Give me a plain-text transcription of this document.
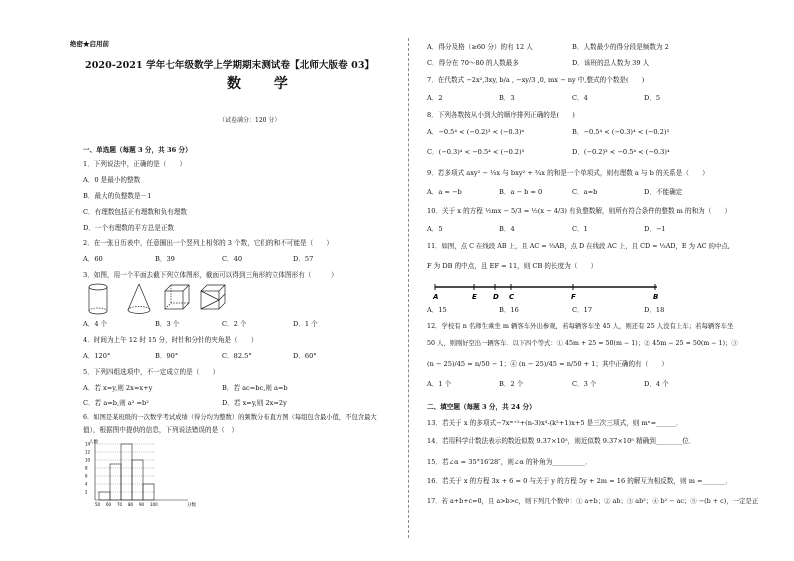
绝密★启用前
2020-2021 学年七年级数学上学期期末测试卷【北师大版卷 03】
数 学
（试卷满分：120 分）
一、单选题（每题 3 分，共 36 分）
1．下列说法中，正确的是（　　）
A．0 是最小的整数
B．最大的负整数是－1
C．有理数包括正有理数和负有理数
D．一个有理数的平方总是正数
2．在一张日历表中，任意圈出一个竖列上相邻的 3 个数，它们的和不可能是（　　）
A．60	B．39	C．40	D．57
3．如图，用一个平面去截下列立体图形，截面可以得到三角形的立体图形有（　　　）
A．4 个	B．3 个	C．2 个	D．1 个
4．时间为上午 12 时 15 分，时针和分针的夹角是（　　）
A．120°	B．90°	C．82.5°	D．60°
5．下列四组选项中，不一定成立的是（　　）
A．若 x=y,则 2x=x+y	B．若 ac=bc,则 a=b
C．若 a=b,则 a² =b²	D．若 x=y,则 2x=2y
6．如图是某班级的一次数学考试成绩（得分均为整数）的频数分布直方图（每组包含最小值，不包含最大
值），根据图中提供的信息，下列说法错误的是（　）
人数
14
12
10
8
6
4
2
50 60 70 80 90 100	分数
A．得分及格（≥60 分）的有 12 人	B．人数最少的得分段是频数为 2
C．得分在 70～80 的人数最多	D．该班的总人数为 39 人
7．在代数式 −2x²,3xy, b/a , −xy/3 ,0, mx − ny 中,整式的个数是(　　)
A．2	B．3	C．4	D．5
8．下列各数按从小到大的顺序排列正确的是(　　)
A．−0.5⁴ < (−0.2)³ < (−0.3)⁴	B．−0.5⁴ < (−0.3)⁴ < (−0.2)³
C．(−0.3)⁴ < −0.5⁴ < (−0.2)³	D．(−0.2)³ < −0.5⁴ < (−0.3)⁴
9．若多项式 axy² − ⅓x 与 bxy² + ¾x 的和是一个单项式，则有理数 a 与 b 的关系是（　　）
A．a = −b	B．a − b = 0	C．a=b	D．不能确定
10．关于 x 的方程 ½mx − 5/3 = ½(x − 4/3) 有负整数解，则所有符合条件的整数 m 的和为（　　）
A．5	B．4	C．1	D．−1
11．如图，点 C 在线段 AB 上，且 AC = ⅓AB，点 D 在线段 AC 上，且 CD = ⅓AD，E 为 AC 的中点,
F 为 DB 的中点，且 EF = 11，则 CB 的长度为（　　）
A	E D C	F	B
A．15	B．16	C．17	D．18
12．学校有 n 名师生乘坐 m 辆客车外出参观，若每辆客车坐 45 人，则还有 25 人没有上车；若每辆客车坐
50 人，则刚好空出一辆客车．以下四个等式：① 45m + 25 = 50(m − 1)；② 45m − 25 = 50(m − 1)；③
(n − 25)/45 = n/50 − 1；④ (n − 25)/45 = n/50 + 1；其中正确的有（　　）
A．1 个	B．2 个	C．3 个	D．4 个
二、填空题（每题 3 分，共 24 分）
13．若关于 x 的多项式−7xᵐ⁺²+(n-3)x³-(k²+1)x+5 是三次三项式，则 mⁿ=______．
14．若用科学计数法表示的数近似数 9.37×10⁵，则近似数 9.37×10⁵ 精确到________位．
15．若∠α = 35°16′28″，则∠α 的补角为__________．
16．若关于 x 的方程 3x + 6 = 0 与关于 y 的方程 5y + 2m = 16 的解互为相反数，则 m =_______．
17．若 a+b+c=0，且 a>b>c，则下列几个数中：① a+b；② ab；③ ab²；④ b² − ac；⑤ −(b + c)，一定是正
